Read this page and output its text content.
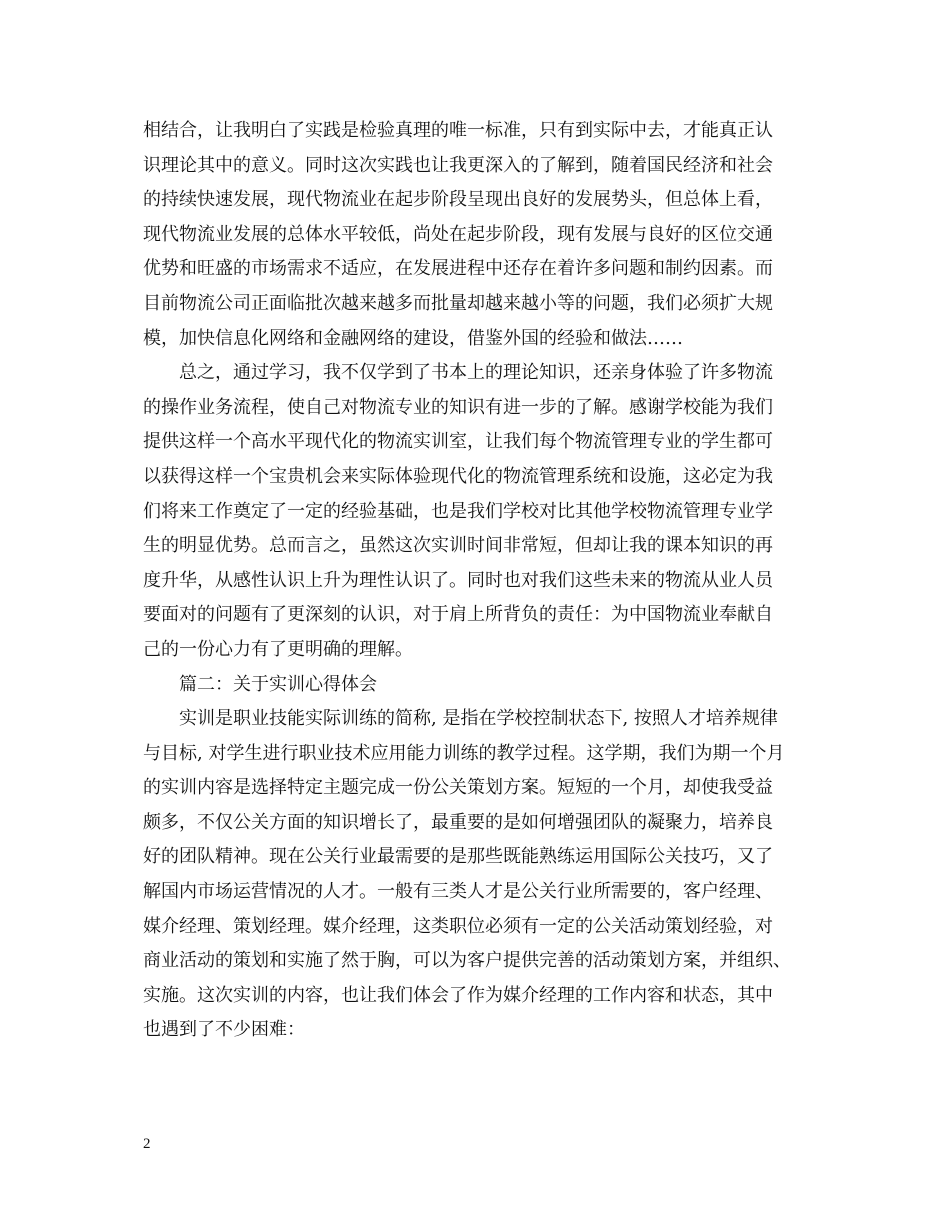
相结合，让我明白了实践是检验真理的唯一标准，只有到实际中去，才能真正认
识理论其中的意义。同时这次实践也让我更深入的了解到，随着国民经济和社会
的持续快速发展，现代物流业在起步阶段呈现出良好的发展势头，但总体上看，
现代物流业发展的总体水平较低，尚处在起步阶段，现有发展与良好的区位交通
优势和旺盛的市场需求不适应，在发展进程中还存在着许多问题和制约因素。而
目前物流公司正面临批次越来越多而批量却越来越小等的问题，我们必须扩大规
模，加快信息化网络和金融网络的建设，借鉴外国的经验和做法……
总之，通过学习，我不仅学到了书本上的理论知识，还亲身体验了许多物流
的操作业务流程，使自己对物流专业的知识有进一步的了解。感谢学校能为我们
提供这样一个高水平现代化的物流实训室，让我们每个物流管理专业的学生都可
以获得这样一个宝贵机会来实际体验现代化的物流管理系统和设施，这必定为我
们将来工作奠定了一定的经验基础，也是我们学校对比其他学校物流管理专业学
生的明显优势。总而言之，虽然这次实训时间非常短，但却让我的课本知识的再
度升华，从感性认识上升为理性认识了。同时也对我们这些未来的物流从业人员
要面对的问题有了更深刻的认识，对于肩上所背负的责任：为中国物流业奉献自
己的一份心力有了更明确的理解。
篇二：关于实训心得体会
实训是职业技能实际训练的简称, 是指在学校控制状态下, 按照人才培养规律
与目标, 对学生进行职业技术应用能力训练的教学过程。这学期，我们为期一个月
的实训内容是选择特定主题完成一份公关策划方案。短短的一个月，却使我受益
颇多，不仅公关方面的知识增长了，最重要的是如何增强团队的凝聚力，培养良
好的团队精神。现在公关行业最需要的是那些既能熟练运用国际公关技巧，又了
解国内市场运营情况的人才。一般有三类人才是公关行业所需要的，客户经理、
媒介经理、策划经理。媒介经理，这类职位必须有一定的公关活动策划经验，对
商业活动的策划和实施了然于胸，可以为客户提供完善的活动策划方案，并组织、
实施。这次实训的内容，也让我们体会了作为媒介经理的工作内容和状态，其中
也遇到了不少困难：
2
